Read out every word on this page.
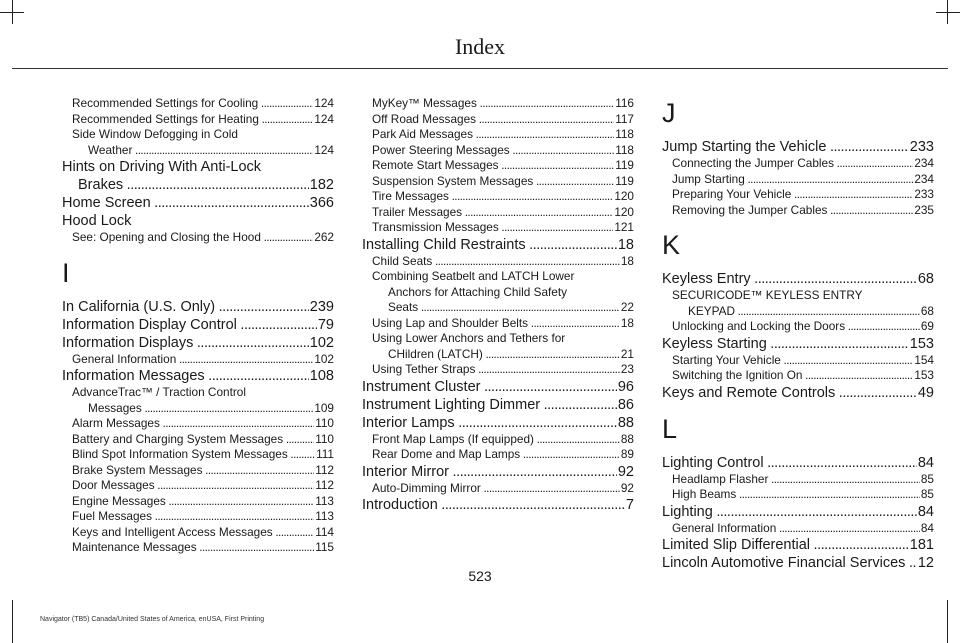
Index
Recommended Settings for Cooling .....	124
Recommended Settings for Heating .....	124
Side Window Defogging in Cold
Weather .....	124
Hints on Driving With Anti-Lock
Brakes .....	182
Home Screen .....	366
Hood Lock
See: Opening and Closing the Hood .....	262
I
In California (U.S. Only) .....	239
Information Display Control .....	79
Information Displays .....	102
General Information .....	102
Information Messages .....	108
AdvanceTrac™ / Traction Control
Messages .....	109
Alarm Messages .....	110
Battery and Charging System Messages .....	110
Blind Spot Information System Messages .....	111
Brake System Messages .....	112
Door Messages .....	112
Engine Messages .....	113
Fuel Messages .....	113
Keys and Intelligent Access Messages .....	114
Maintenance Messages .....	115
MyKey™ Messages .....	116
Off Road Messages .....	117
Park Aid Messages .....	118
Power Steering Messages .....	118
Remote Start Messages .....	119
Suspension System Messages .....	119
Tire Messages .....	120
Trailer Messages .....	120
Transmission Messages .....	121
Installing Child Restraints .....	18
Child Seats .....	18
Combining Seatbelt and LATCH Lower
Anchors for Attaching Child Safety
Seats .....	22
Using Lap and Shoulder Belts .....	18
Using Lower Anchors and Tethers for
CHildren (LATCH) .....	21
Using Tether Straps .....	23
Instrument Cluster .....	96
Instrument Lighting Dimmer .....	86
Interior Lamps .....	88
Front Map Lamps (If equipped) .....	88
Rear Dome and Map Lamps .....	89
Interior Mirror .....	92
Auto-Dimming Mirror .....	92
Introduction .....	7
J
Jump Starting the Vehicle .....	233
Connecting the Jumper Cables .....	234
Jump Starting .....	234
Preparing Your Vehicle .....	233
Removing the Jumper Cables .....	235
K
Keyless Entry .....	68
SECURICODE™ KEYLESS ENTRY
KEYPAD .....	68
Unlocking and Locking the Doors .....	69
Keyless Starting .....	153
Starting Your Vehicle .....	154
Switching the Ignition On .....	153
Keys and Remote Controls .....	49
L
Lighting Control .....	84
Headlamp Flasher .....	85
High Beams .....	85
Lighting .....	84
General Information .....	84
Limited Slip Differential .....	181
Lincoln Automotive Financial Services ..... 12
523
Navigator (TB5) Canada/United States of America, enUSA, First Printing
